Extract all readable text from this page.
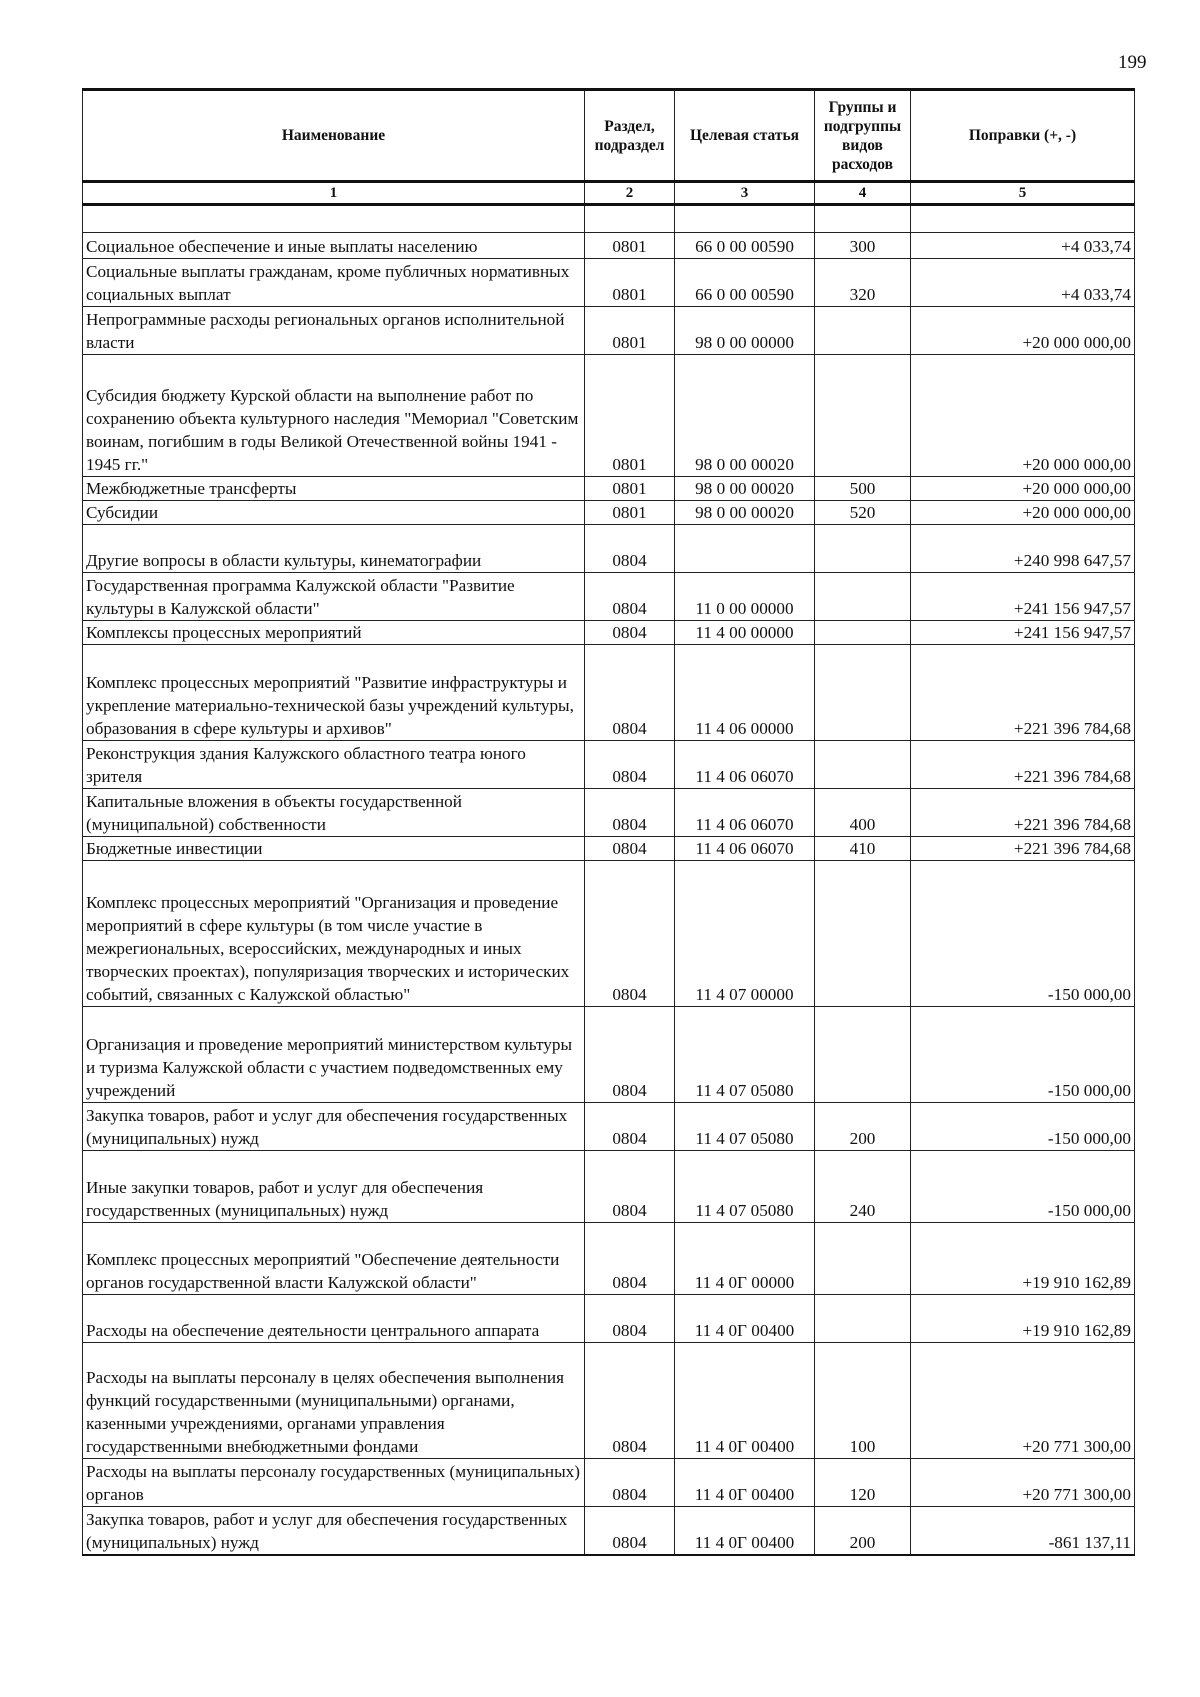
199
Наименование	Раздел, подраздел	Целевая статья	Группы и подгруппы видов расходов	Поправки (+, -)
1	2	3	4	5

Социальное обеспечение и иные выплаты населению	0801	66 0 00 00590	300	+4 033,74
Социальные выплаты гражданам, кроме публичных нормативных социальных выплат	0801	66 0 00 00590	320	+4 033,74
Непрограммные расходы региональных органов исполнительной власти	0801	98 0 00 00000		+20 000 000,00
Субсидия бюджету Курской области на выполнение работ по сохранению объекта культурного наследия "Мемориал "Советским воинам, погибшим в годы Великой Отечественной войны 1941 - 1945 гг."	0801	98 0 00 00020		+20 000 000,00
Межбюджетные трансферты	0801	98 0 00 00020	500	+20 000 000,00
Субсидии	0801	98 0 00 00020	520	+20 000 000,00
Другие вопросы в области культуры, кинематографии	0804			+240 998 647,57
Государственная программа Калужской области "Развитие культуры в Калужской области"	0804	11 0 00 00000		+241 156 947,57
Комплексы процессных мероприятий	0804	11 4 00 00000		+241 156 947,57
Комплекс процессных мероприятий "Развитие инфраструктуры и укрепление материально-технической базы учреждений культуры, образования в сфере культуры и архивов"	0804	11 4 06 00000		+221 396 784,68
Реконструкция здания Калужского областного театра юного зрителя	0804	11 4 06 06070		+221 396 784,68
Капитальные вложения в объекты государственной (муниципальной) собственности	0804	11 4 06 06070	400	+221 396 784,68
Бюджетные инвестиции	0804	11 4 06 06070	410	+221 396 784,68
Комплекс процессных мероприятий "Организация и проведение мероприятий в сфере культуры (в том числе участие в межрегиональных, всероссийских, международных и иных творческих проектах), популяризация творческих и исторических событий, связанных с Калужской областью"	0804	11 4 07 00000		-150 000,00
Организация и проведение мероприятий министерством культуры и туризма Калужской области с участием подведомственных ему учреждений	0804	11 4 07 05080		-150 000,00
Закупка товаров, работ и услуг для обеспечения государственных (муниципальных) нужд	0804	11 4 07 05080	200	-150 000,00
Иные закупки товаров, работ и услуг для обеспечения государственных (муниципальных) нужд	0804	11 4 07 05080	240	-150 000,00
Комплекс процессных мероприятий "Обеспечение деятельности органов государственной власти Калужской области"	0804	11 4 0Г 00000		+19 910 162,89
Расходы на обеспечение деятельности центрального аппарата	0804	11 4 0Г 00400		+19 910 162,89
Расходы на выплаты персоналу в целях обеспечения выполнения функций государственными (муниципальными) органами, казенными учреждениями, органами управления государственными внебюджетными фондами	0804	11 4 0Г 00400	100	+20 771 300,00
Расходы на выплаты персоналу государственных (муниципальных) органов	0804	11 4 0Г 00400	120	+20 771 300,00
Закупка товаров, работ и услуг для обеспечения государственных (муниципальных) нужд	0804	11 4 0Г 00400	200	-861 137,11
